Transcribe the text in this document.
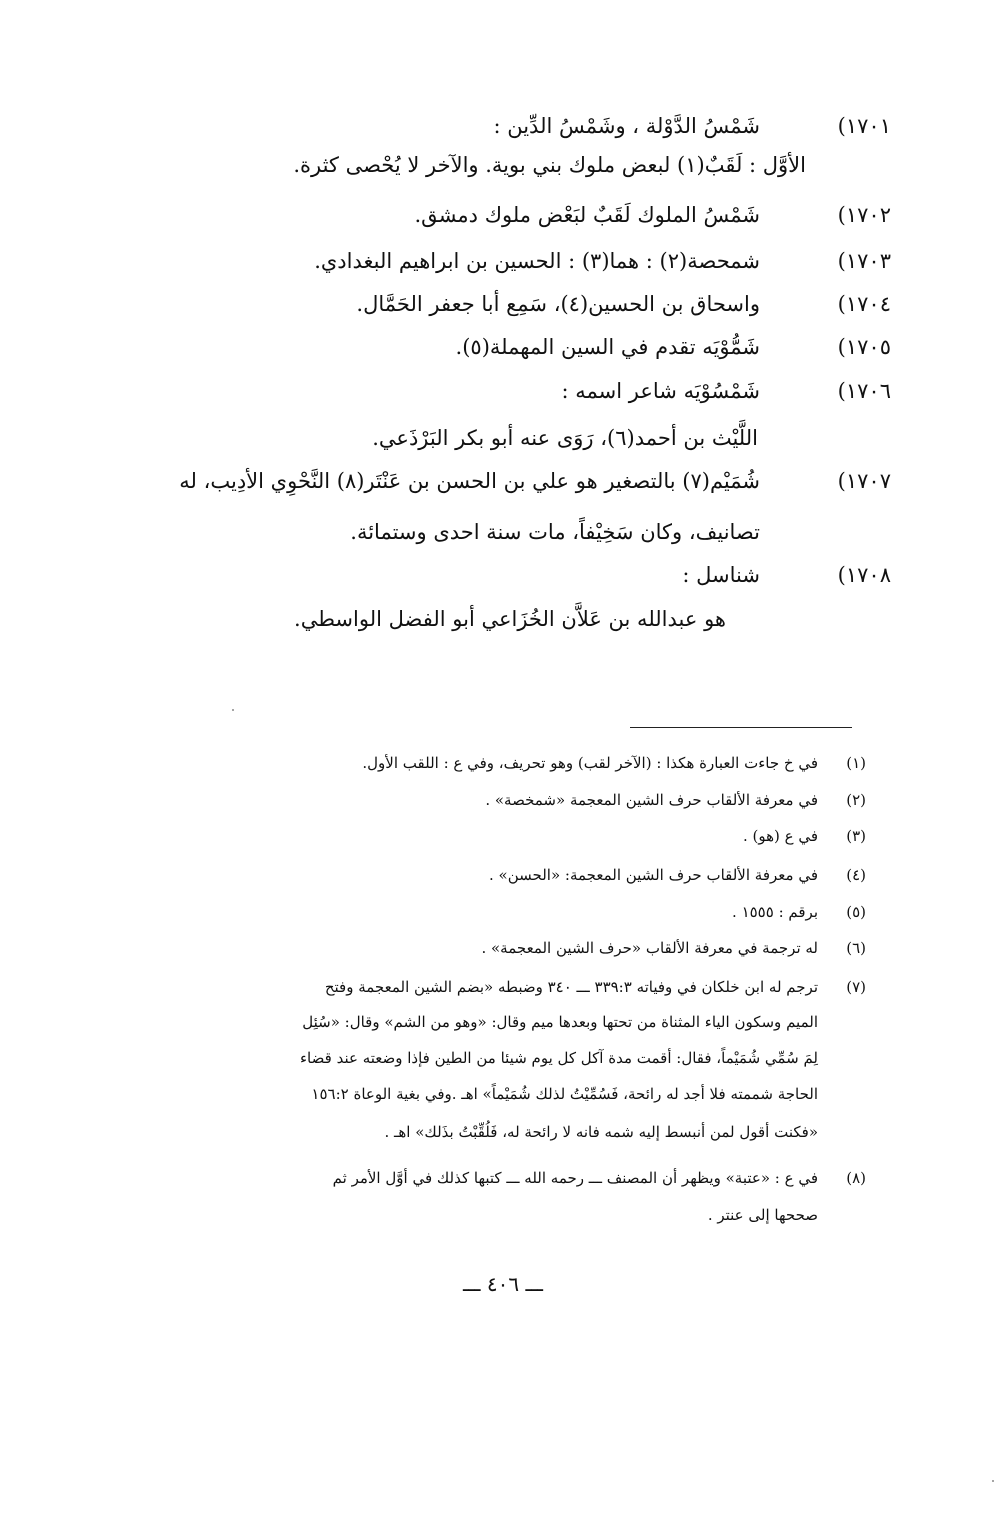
١٧٠١)
شَمْسُ الدَّوْلة ، وشَمْسُ الدِّين :
الأوَّل : لَقَبٌ(١) لبعض ملوك بني بوية. والآخر لا يُحْصى كثرة.
١٧٠٢)
شَمْسُ الملوك لَقَبٌ لبَعْض ملوك دمشق.
١٧٠٣)
شمحصة(٢) : هما(٣) : الحسين بن ابراهيم البغدادي.
١٧٠٤)
واسحاق بن الحسين(٤)، سَمِع أبا جعفر الحَمَّال.
١٧٠٥)
شَمُّوْيَه تقدم في السين المهملة(٥).
١٧٠٦)
شَمْسُوْيَه شاعر اسمه :
اللَّيْث بن أحمد(٦)، رَوَى عنه أبو بكر البَرْذَعي.
١٧٠٧)
شُمَيْم(٧) بالتصغير هو علي بن الحسن بن عَنْتَر(٨) النَّحْوِي الأدِيب، له
تصانيف، وكان سَخِيْفاً، مات سنة احدى وستمائة.
١٧٠٨)
شناسل :
هو عبدالله بن عَلاَّن الخُزَاعي أبو الفضل الواسطي.
(١)
في خ جاءت العبارة هكذا : (الآخر لقب) وهو تحريف، وفي ع : اللقب الأول.
(٢)
في معرفة الألقاب حرف الشين المعجمة «شمخصة» .
(٣)
في ع (هو) .
(٤)
في معرفة الألقاب حرف الشين المعجمة: «الحسن» .
(٥)
برقم : ١٥٥٥ .
(٦)
له ترجمة في معرفة الألقاب «حرف الشين المعجمة» .
(٧)
ترجم له ابن خلكان في وفياته ٣٣٩:٣ ـــ ٣٤٠ وضبطه «بضم الشين المعجمة وفتح
الميم وسكون الياء المثناة من تحتها وبعدها ميم وقال: «وهو من الشم» وقال: «سُئِل
لِمَ سُمِّي شُمَيْماً، فقال: أقمت مدة آكل كل يوم شيئا من الطين فإذا وضعته عند قضاء
الحاجة شممته فلا أجد له رائحة، فَسُمِّيْتُ لذلك شُمَيْماً» اهـ .وفي بغية الوعاة ١٥٦:٢
«فكنت أقول لمن أنبسط إليه شمه فانه لا رائحة له، فَلُقِّبْتُ بذَلك» اهـ .
(٨)
في ع : «عتبة» ويظهر أن المصنف ـــ رحمه الله ـــ كتبها كذلك في أوَّل الأمر ثم
صححها إلى عنتر .
ـــ ٤٠٦ ـــ
